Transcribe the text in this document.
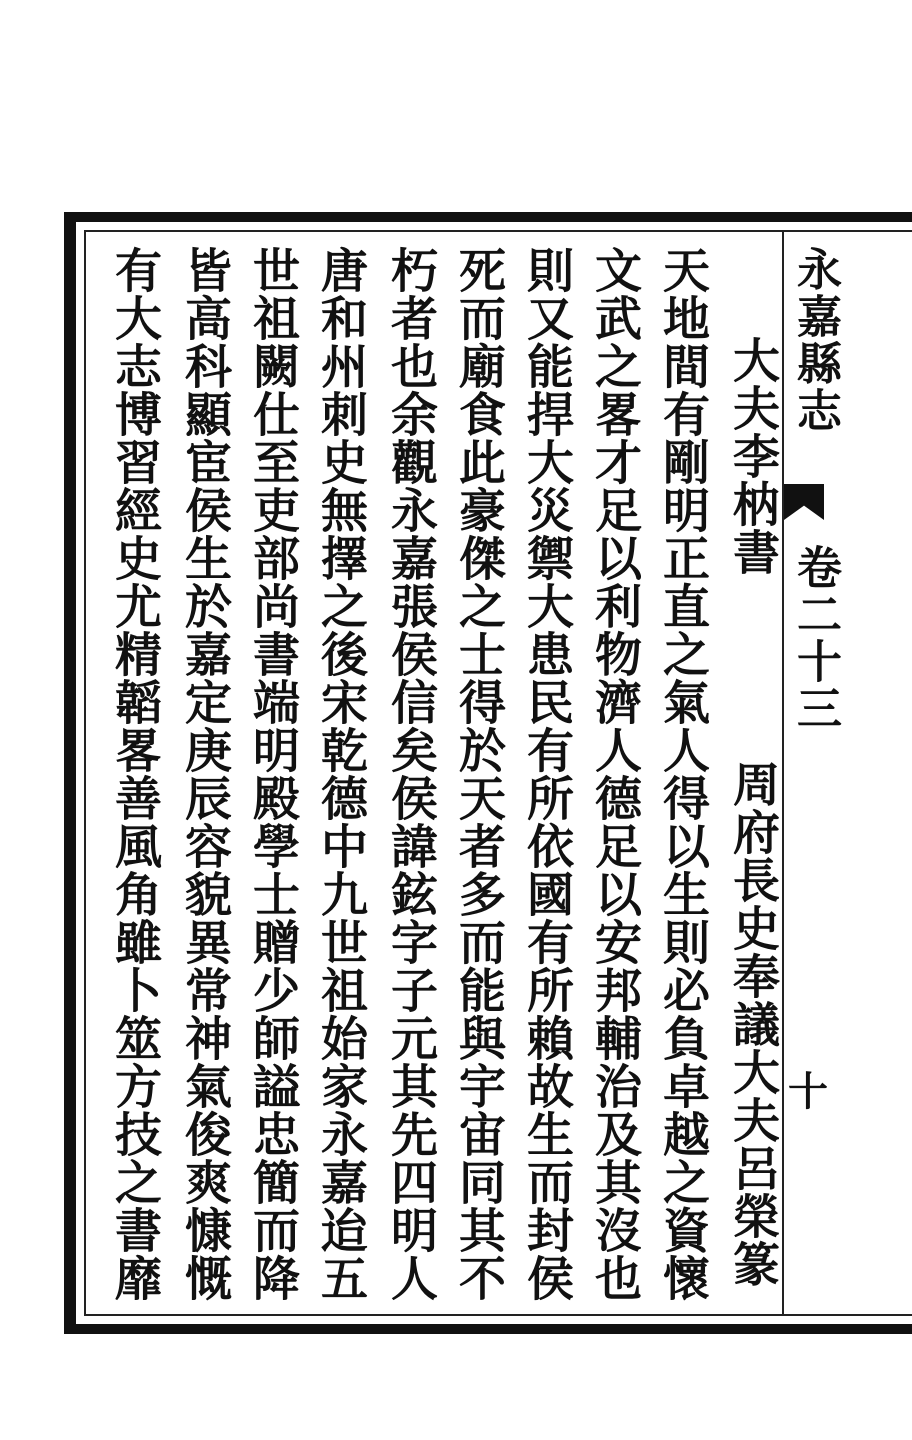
永嘉縣志卷二十三
十
大夫李枘書
周府長史奉議大夫呂榮篆
天地間有剛明正直之氣人得以生則必負卓越之資懷
文武之畧才足以利物濟人德足以安邦輔治及其沒也
則又能捍大災禦大患民有所依國有所賴故生而封侯
死而廟食此豪傑之士得於天者多而能與宇宙同其不
朽者也余觀永嘉張侯信矣侯諱鉉字子元其先四明人
唐和州刺史無擇之後宋乾德中九世祖始家永嘉迨五
世祖闕仕至吏部尚書端明殿學士贈少師謚忠簡而降
皆高科顯宦侯生於嘉定庚辰容貌異常神氣俊爽慷慨
有大志博習經史尤精韜畧善風角雖卜筮方技之書靡
